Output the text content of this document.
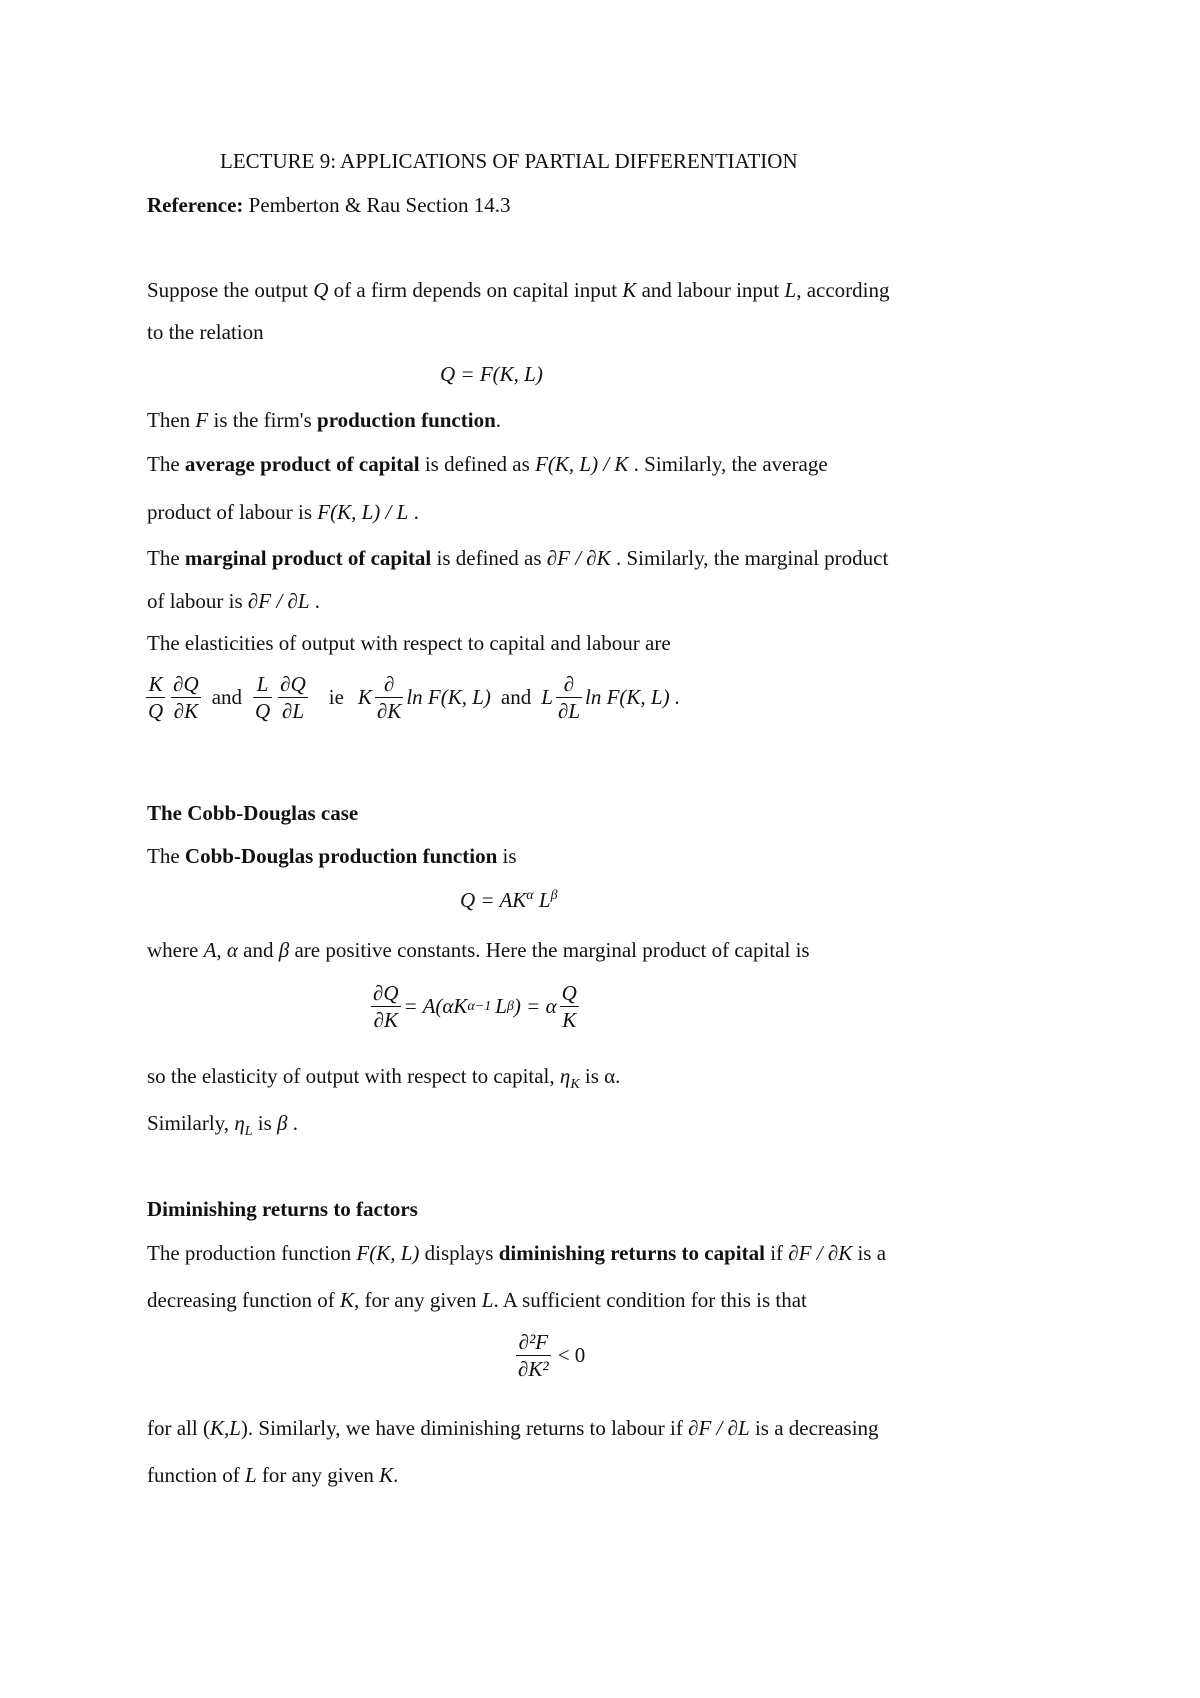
LECTURE 9: APPLICATIONS OF PARTIAL DIFFERENTIATION
Reference: Pemberton & Rau Section 14.3
Suppose the output Q of a firm depends on capital input K and labour input L, according
to the relation
Q = F(K, L)
Then F is the firm's production function.
The average product of capital is defined as F(K, L) / K . Similarly, the average
product of labour is F(K, L) / L .
The marginal product of capital is defined as ∂F / ∂K . Similarly, the marginal product
of labour is ∂F / ∂L .
The elasticities of output with respect to capital and labour are
$\frac{K}{Q} \frac{\partial Q}{\partial K}$ and $\frac{L}{Q} \frac{\partial Q}{\partial L}$ ie K $\frac{\partial}{\partial K}$ ln F(K, L) and L $\frac{\partial}{\partial L}$ ln F(K, L) .
The Cobb-Douglas case
The Cobb-Douglas production function is
$Q = AK^\alpha$ $L^\beta$
where A, α and β are positive constants. Here the marginal product of capital is
$\frac{\partial Q}{\partial K} = A(\alpha K$ α−1 L β ) = α $\frac{Q}{K}$
so the elasticity of output with respect to capital, $\eta_K$ is α.
Similarly, $\eta_L$ is β .
Diminishing returns to factors
The production function F(K, L) displays diminishing returns to capital if ∂F / ∂K is a
decreasing function of K, for any given L. A sufficient condition for this is that
$\frac{\text{∂²F}}{\text{∂K²}} < 0$
for all (K,L). Similarly, we have diminishing returns to labour if ∂F / ∂L is a decreasing
function of L for any given K.
